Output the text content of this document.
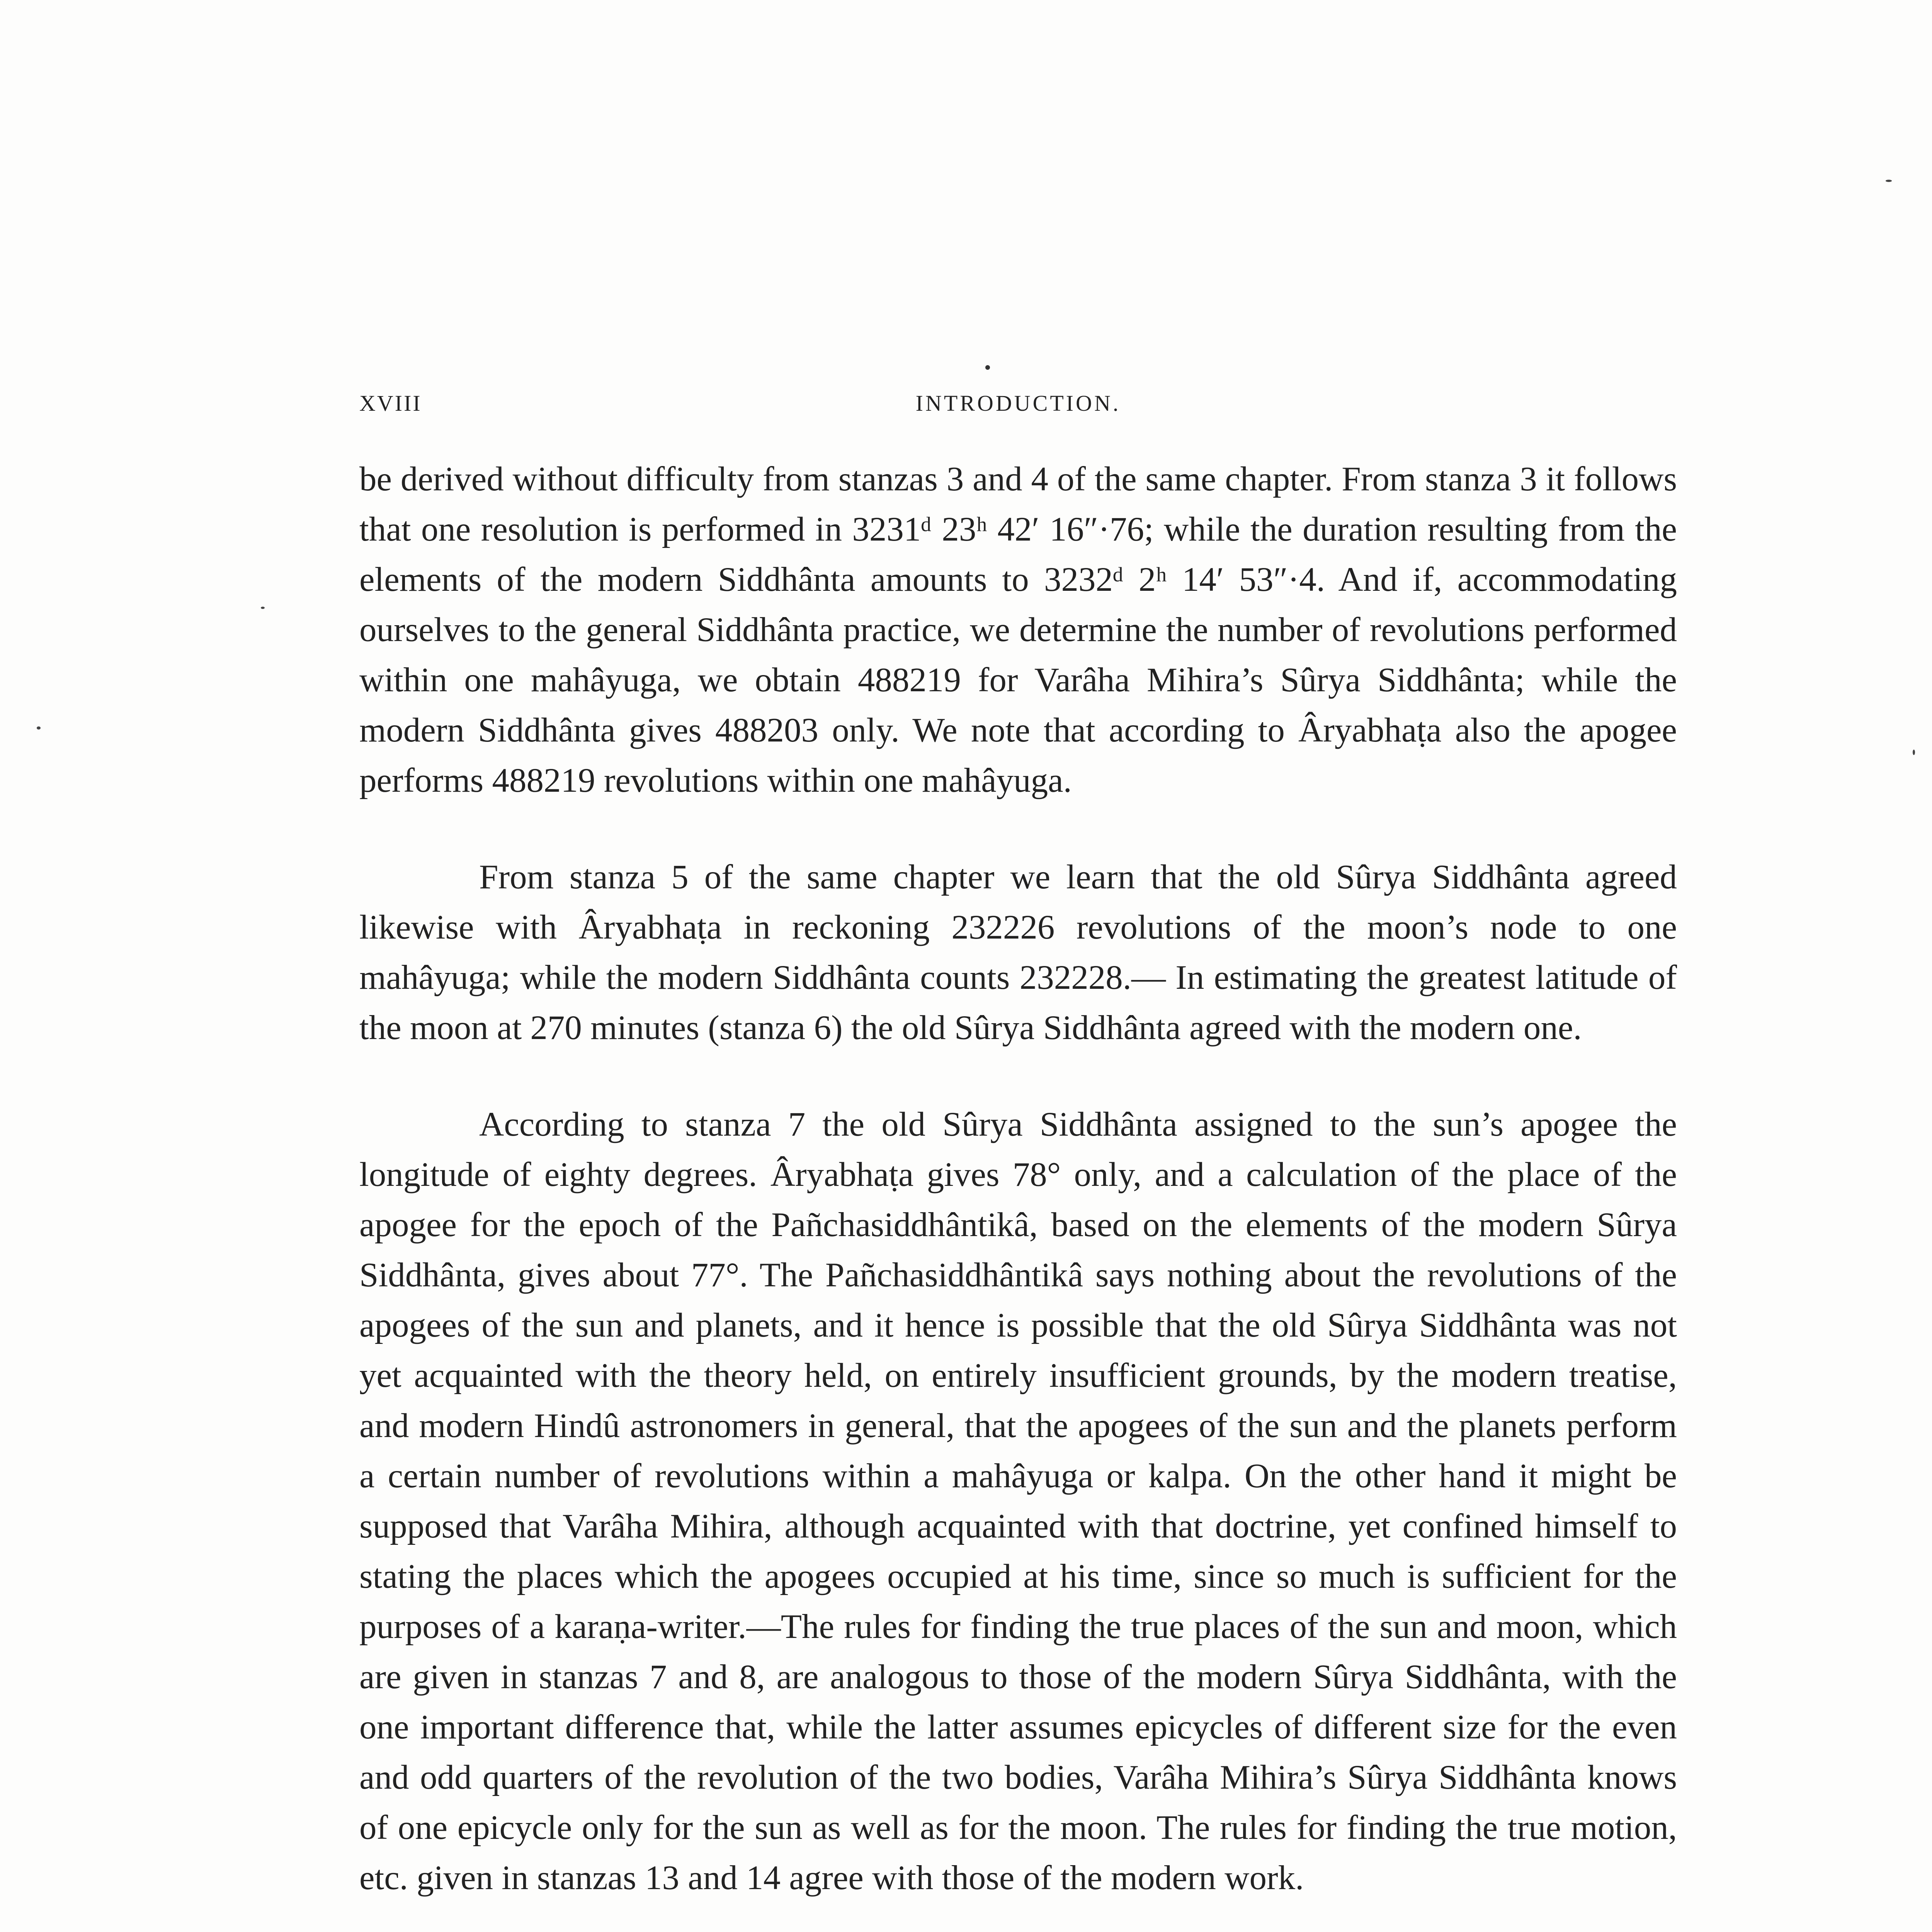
XVIII	INTRODUCTION.

be derived without difficulty from stanzas 3 and 4 of the same chapter. From stanza 3 it follows that one resolution is performed in 3231ᵈ 23ʰ 42′ 16″·76; while the duration resulting from the elements of the modern Siddhânta amounts to 3232ᵈ 2ʰ 14′ 53″·4. And if, accommodating ourselves to the general Siddhânta practice, we determine the number of revolutions performed within one mahâyuga, we obtain 488219 for Varâha Mihira’s Sûrya Siddhânta; while the modern Siddhânta gives 488203 only. We note that according to Âryabhaṭa also the apogee performs 488219 revolutions within one mahâyuga.

From stanza 5 of the same chapter we learn that the old Sûrya Siddhânta agreed likewise with Âryabhaṭa in reckoning 232226 revolutions of the moon’s node to one mahâyuga; while the modern Siddhânta counts 232228.— In estimating the greatest latitude of the moon at 270 minutes (stanza 6) the old Sûrya Siddhânta agreed with the modern one.

According to stanza 7 the old Sûrya Siddhânta assigned to the sun’s apogee the longitude of eighty degrees. Âryabhaṭa gives 78° only, and a calculation of the place of the apogee for the epoch of the Pañchasiddhântikâ, based on the elements of the modern Sûrya Siddhânta, gives about 77°. The Pañchasiddhântikâ says nothing about the revolutions of the apogees of the sun and planets, and it hence is possible that the old Sûrya Siddhânta was not yet acquainted with the theory held, on entirely insufficient grounds, by the modern treatise, and modern Hindû astronomers in general, that the apogees of the sun and the planets perform a certain number of revolutions within a mahâyuga or kalpa. On the other hand it might be supposed that Varâha Mihira, although acquainted with that doctrine, yet confined himself to stating the places which the apogees occupied at his time, since so much is sufficient for the purposes of a karaṇa-writer.—The rules for finding the true places of the sun and moon, which are given in stanzas 7 and 8, are analogous to those of the modern Sûrya Siddhânta, with the one important difference that, while the latter assumes epicycles of different size for the even and odd quarters of the revolution of the two bodies, Varâha Mihira’s Sûrya Siddhânta knows of one epicycle only for the sun as well as for the moon. The rules for finding the true motion, etc. given in stanzas 13 and 14 agree with those of the modern work.
